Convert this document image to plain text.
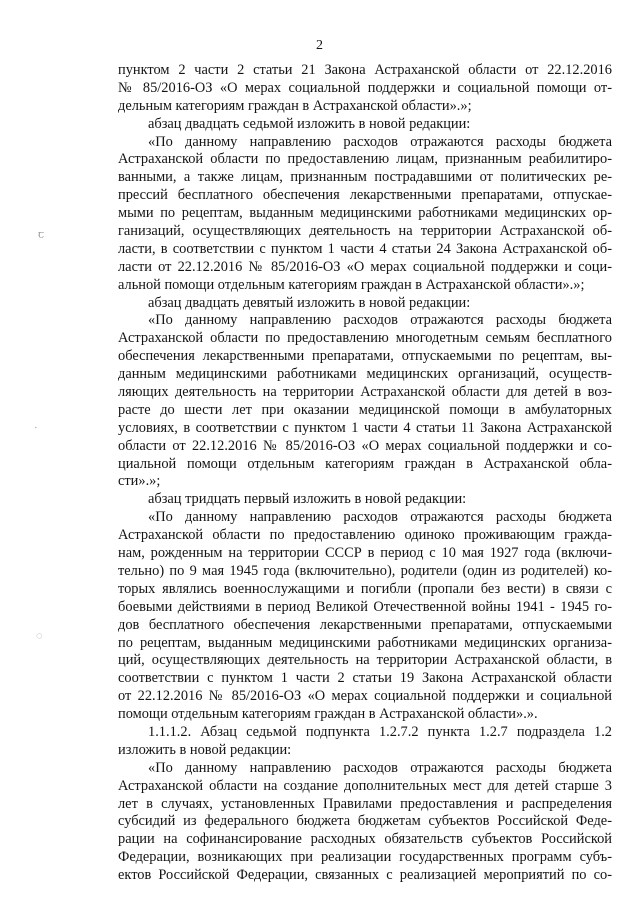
2
пунктом 2 части 2 статьи 21 Закона Астраханской области от 22.12.2016
№ 85/2016-ОЗ «О мерах социальной поддержки и социальной помощи от-
дельным категориям граждан в Астраханской области».»;
абзац двадцать седьмой изложить в новой редакции:
«По данному направлению расходов отражаются расходы бюджета
Астраханской области по предоставлению лицам, признанным реабилитиро-
ванными, а также лицам, признанным пострадавшими от политических ре-
прессий бесплатного обеспечения лекарственными препаратами, отпускае-
мыми по рецептам, выданным медицинскими работниками медицинских ор-
ганизаций, осуществляющих деятельность на территории Астраханской об-
ласти, в соответствии с пунктом 1 части 4 статьи 24 Закона Астраханской об-
ласти от 22.12.2016 № 85/2016-ОЗ «О мерах социальной поддержки и соци-
альной помощи отдельным категориям граждан в Астраханской области».»;
абзац двадцать девятый изложить в новой редакции:
«По данному направлению расходов отражаются расходы бюджета
Астраханской области по предоставлению многодетным семьям бесплатного
обеспечения лекарственными препаратами, отпускаемыми по рецептам, вы-
данным медицинскими работниками медицинских организаций, осуществ-
ляющих деятельность на территории Астраханской области для детей в воз-
расте до шести лет при оказании медицинской помощи в амбулаторных
условиях, в соответствии с пунктом 1 части 4 статьи 11 Закона Астраханской
области от 22.12.2016 № 85/2016-ОЗ «О мерах социальной поддержки и со-
циальной помощи отдельным категориям граждан в Астраханской обла-
сти».»;
абзац тридцать первый изложить в новой редакции:
«По данному направлению расходов отражаются расходы бюджета
Астраханской области по предоставлению одиноко проживающим гражда-
нам, рожденным на территории СССР в период с 10 мая 1927 года (включи-
тельно) по 9 мая 1945 года (включительно), родители (один из родителей) ко-
торых являлись военнослужащими и погибли (пропали без вести) в связи с
боевыми действиями в период Великой Отечественной войны 1941 - 1945 го-
дов бесплатного обеспечения лекарственными препаратами, отпускаемыми
по рецептам, выданным медицинскими работниками медицинских организа-
ций, осуществляющих деятельность на территории Астраханской области, в
соответствии с пунктом 1 части 2 статьи 19 Закона Астраханской области
от 22.12.2016 № 85/2016-ОЗ «О мерах социальной поддержки и социальной
помощи отдельным категориям граждан в Астраханской области».».
1.1.1.2. Абзац седьмой подпункта 1.2.7.2 пункта 1.2.7 подраздела 1.2
изложить в новой редакции:
«По данному направлению расходов отражаются расходы бюджета
Астраханской области на создание дополнительных мест для детей старше 3
лет в случаях, установленных Правилами предоставления и распределения
субсидий из федерального бюджета бюджетам субъектов Российской Феде-
рации на софинансирование расходных обязательств субъектов Российской
Федерации, возникающих при реализации государственных программ субъ-
ектов Российской Федерации, связанных с реализацией мероприятий по со-
ꞇ
·
◌
